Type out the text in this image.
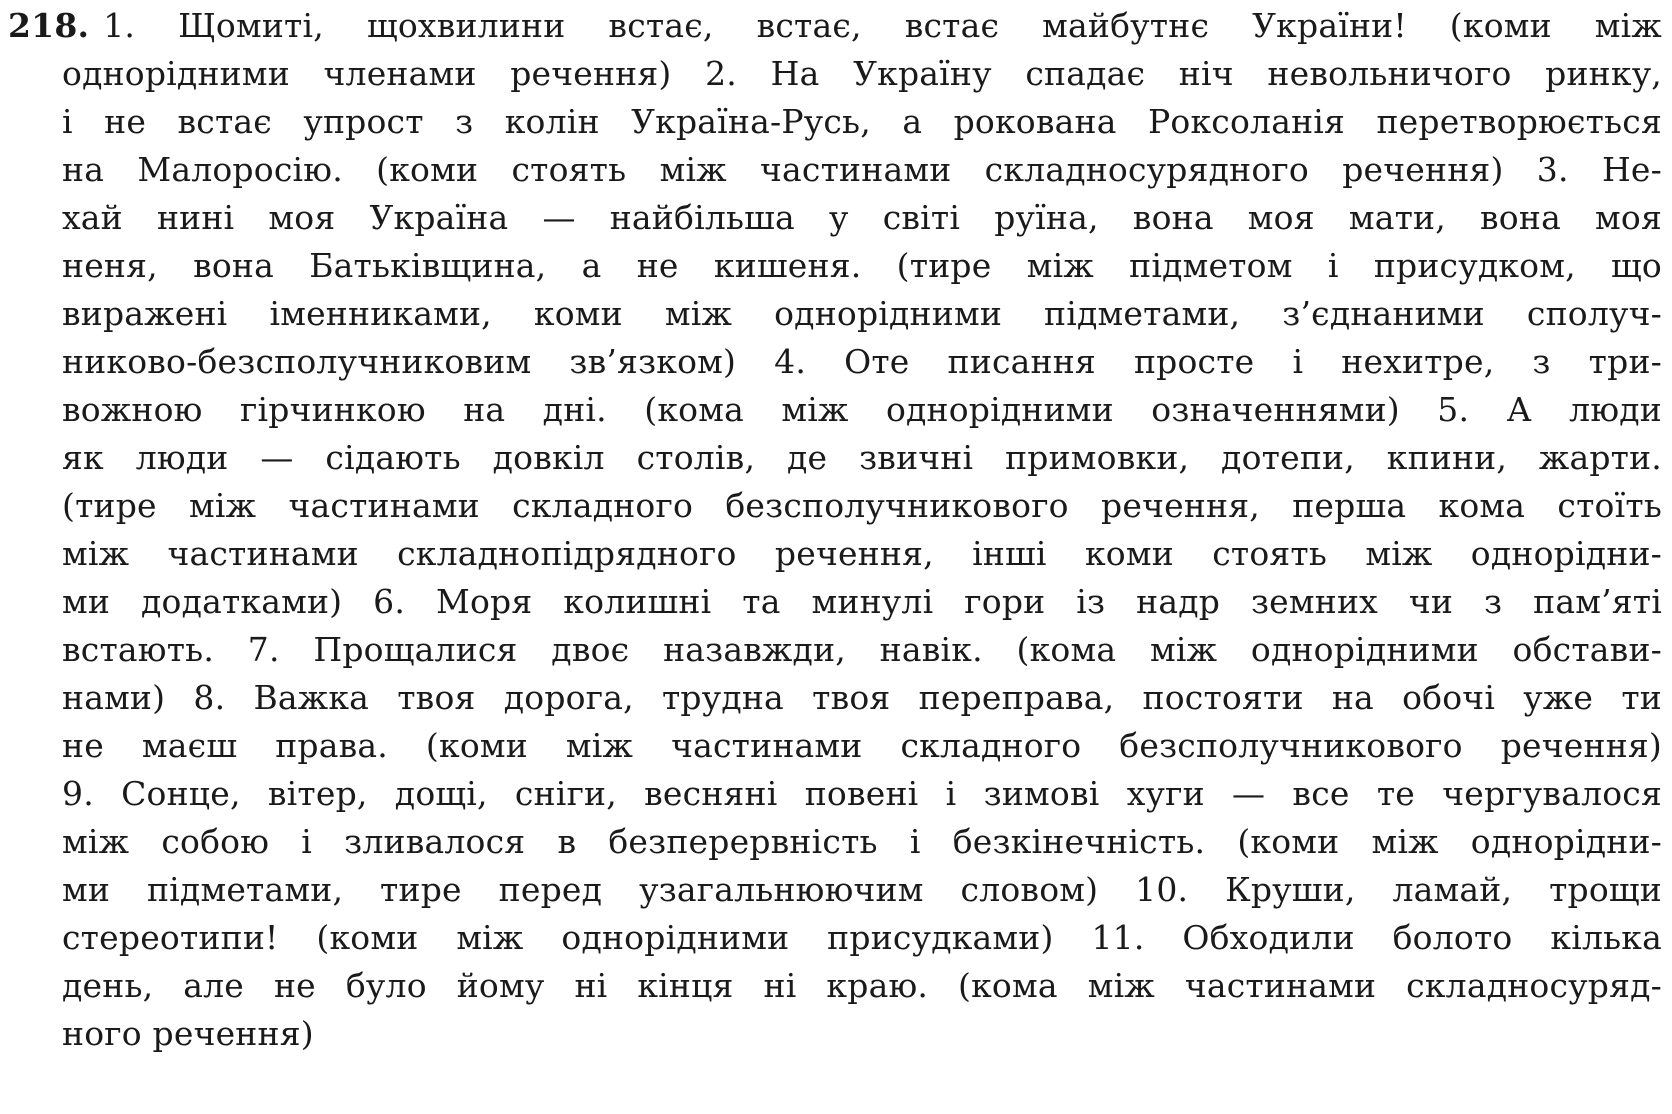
218. 1. Щомиті, щохвилини встає, встає, встає майбутнє України! (коми між
однорідними членами речення) 2. На Україну спадає ніч невольничого ринку,
і не встає упрост з колін Україна-Русь, а рокована Роксоланія перетворюється
на Малоросію. (коми стоять між частинами складносурядного речення) 3. Не-
хай нині моя Україна — найбільша у світі руїна, вона моя мати, вона моя
неня, вона Батьківщина, а не кишеня. (тире між підметом і присудком, що
виражені іменниками, коми між однорідними підметами, з’єднаними сполуч-
никово-безсполучниковим зв’язком) 4. Оте писання просте і нехитре, з три-
вожною гірчинкою на дні. (кома між однорідними означеннями) 5. А люди
як люди — сідають довкіл столів, де звичні примовки, дотепи, кпини, жарти.
(тире між частинами складного безсполучникового речення, перша кома стоїть
між частинами складнопідрядного речення, інші коми стоять між однорідни-
ми додатками) 6. Моря колишні та минулі гори із надр земних чи з пам’яті
встають. 7. Прощалися двоє назавжди, навік. (кома між однорідними обстави-
нами) 8. Важка твоя дорога, трудна твоя переправа, постояти на обочі уже ти
не маєш права. (коми між частинами складного безсполучникового речення)
9. Сонце, вітер, дощі, сніги, весняні повені і зимові хуги — все те чергувалося
між собою і зливалося в безперервність і безкінечність. (коми між однорідни-
ми підметами, тире перед узагальнюючим словом) 10. Круши, ламай, трощи
стереотипи! (коми між однорідними присудками) 11. Обходили болото кілька
день, але не було йому ні кінця ні краю. (кома між частинами складносуряд-
ного речення)
